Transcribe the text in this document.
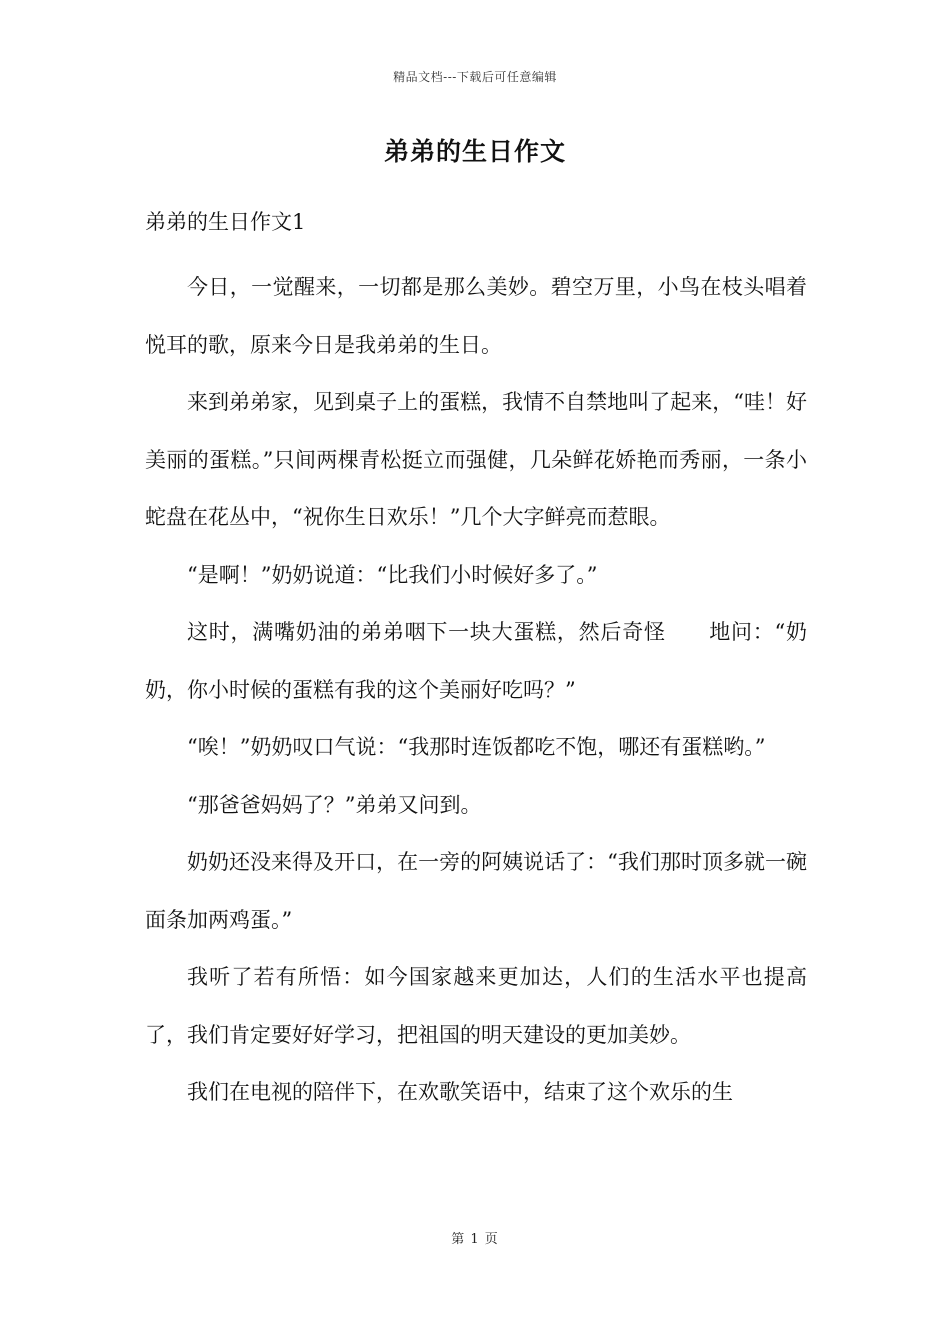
精品文档---下载后可任意编辑
弟弟的生日作文

弟弟的生日作文1

今日，一觉醒来，一切都是那么美妙。碧空万里，小鸟在枝头唱着悦耳的歌，原来今日是我弟弟的生日。

来到弟弟家，见到桌子上的蛋糕，我情不自禁地叫了起来，“哇！好美丽的蛋糕。”只间两棵青松挺立而强健，几朵鲜花娇艳而秀丽，一条小蛇盘在花丛中，“祝你生日欢乐！”几个大字鲜亮而惹眼。

“是啊！”奶奶说道：“比我们小时候好多了。”

这时，满嘴奶油的弟弟咽下一块大蛋糕，然后奇怪　　地问：“奶奶，你小时候的蛋糕有我的这个美丽好吃吗？”

“唉！”奶奶叹口气说：“我那时连饭都吃不饱，哪还有蛋糕哟。”

“那爸爸妈妈了？”弟弟又问到。

奶奶还没来得及开口，在一旁的阿姨说话了：“我们那时顶多就一碗面条加两鸡蛋。”

我听了若有所悟：如今国家越来更加达，人们的生活水平也提高了，我们肯定要好好学习，把祖国的明天建设的更加美妙。

我们在电视的陪伴下，在欢歌笑语中，结束了这个欢乐的生

第 1 页
